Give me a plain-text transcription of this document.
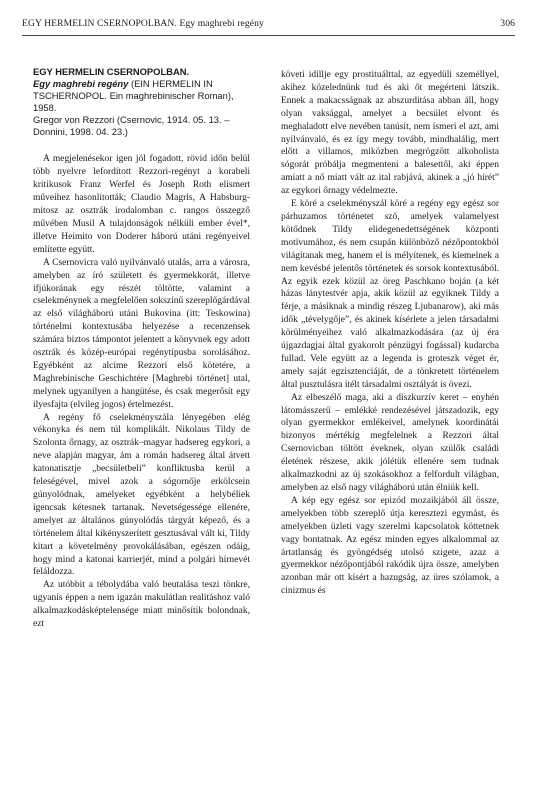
EGY HERMELIN CSERNOPOLBAN. Egy maghrebi regény	306
EGY HERMELIN CSERNOPOLBAN.
Egy maghrebi regény (EIN HERMELIN IN TSCHERNOPOL. Ein maghrebinischer Roman), 1958.
Gregor von Rezzori (Csernovic, 1914. 05. 13. – Donnini, 1998. 04. 23.)

A megjelenésekor igen jól fogadott, rövid időn belül több nyelvre lefordított Rezzori-regényt a korabeli kritikusok Franz Werfel és Joseph Roth elismert műveihez hasonlították; Claudio Magris, A Habsburg-mítosz az osztrák irodalomban c. rangos összegző művében Musil A tulajdonságok nélküli ember ével*, illetve Heimito von Doderer háború utáni regényeivel említette együtt.

A Csernovicra való nyilvánvaló utalás, arra a városra, amelyben az író született és gyermekkorát, illetve ifjúkorának egy részét töltötte, valamint a cselekménynek a megfelelően sokszínű szereplőgárdával az első világháború utáni Bukovina (itt: Teskowina) történelmi kontextusába helyezése a recenzensek számára biztos támpontot jelentett a könyvnek egy adott osztrák és közép-európai regénytípusba sorolásához. Egyébként az alcíme Rezzori első kötetére, a Maghrebinische Geschichtére [Maghrebi történet] utal, melynek ugyanilyen a hangütése, és csak megerősít egy ilyesfajta (elvileg jogos) értelmezést.

A regény fő cselekményszála lényegében elég vékonyka és nem túl komplikált. Nikolaus Tildy de Szolonta őrnagy, az osztrák–magyar hadsereg egykori, a neve alapján magyar, ám a román hadsereg által átvett katonatisztje „becsületbeli” konfliktusba kerül a feleségével, mivel azok a sógornője erkölcsein gúnyolódnak, amelyeket egyébként a helybéliek igencsak kétesnek tartanak. Nevetségessége ellenére, amelyet az általános gúnyolódás tárgyát képező, és a történelem által kikényszerített gesztusával vált ki, Tildy kitart a követelmény provokálásában, egészen odáig, hogy mind a katonai karrierjét, mind a polgári hírnevét feláldozza.

Az utóbbit a tébolydába való beutalása teszi tönkre, ugyanis éppen a nem igazán makulátlan realitáshoz való alkalmazkodásképtelensége miatt minősítik bolondnak, ezt

követi idillje egy prostituálttal, az egyedüli személlyel, akihez közelednünk tud és aki őt megérteni látszik. Ennek a makacsságnak az abszurditása abban áll, hogy olyan vaksággal, amelyet a becsület elvont és meghaladott elve nevében tanúsít, nem ismeri el azt, ami nyilvánvaló, és ez így megy tovább, mindhalálig, mert előtt a villamos, miközben megrögzött alkoholista sógorát próbálja megmenteni a balesettől, aki éppen amiatt a nő miatt vált az ital rabjává, akinek a „jó hírét” az egykori őrnagy védelmezte.

E köré a cselekményszál köré a regény egy egész sor párhuzamos történetet sző, amelyek valamelyest kötődnek Tildy elidegenedettségének központi motívumához, és nem csupán különböző nézőpontokból világítanak meg, hanem el is mélyítenek, és kiemelnek a nem kevésbé jelentős történetek és sorsok kontextusából. Az egyik ezek közül az öreg Paschkano boján (a két házas lánytestvér apja, akik közül az egyiknek Tildy a férje, a másiknak a mindig részeg Ljubanarow), aki más idők „tévelygője”, és akinek kísérlete a jelen társadalmi körülményeihez való alkalmazkodására (az új éra újgazdagjai által gyakorolt pénzügyi fogással) kudarcba fullad. Vele együtt az a legenda is groteszk véget ér, amely saját egzisztenciáját, de a tönkretett történelem által pusztulásra ítélt társadalmi osztályát is övezi.

Az elbeszélő maga, aki a diszkurzív keret – enyhén látomásszerű – emlékké rendezésével játszadozik, egy olyan gyermekkor emlékeivel, amelynek koordinátái bizonyos mértékig megfelelnek a Rezzori által Csernovicban töltött éveknek, olyan szülők családi életének részese, akik jólétük ellenére sem tudnak alkalmazkodni az új szokásokhoz a felfordult világban, amelyben az első nagy világháború után élniük kell.

A kép egy egész sor epizód mozaikjából áll össze, amelyekben több szereplő útja keresztezi egymást, és amelyekben üzleti vagy szerelmi kapcsolatok köttetnek vagy bontatnak. Az egész minden egyes alkalommal az ártatlanság és gyöngédség utolsó szigete, azaz a gyermekkor nézőpontjából rakódik újra össze, amelyben azonban már ott kísért a hazugság, az üres szólamok, a cinizmus és
